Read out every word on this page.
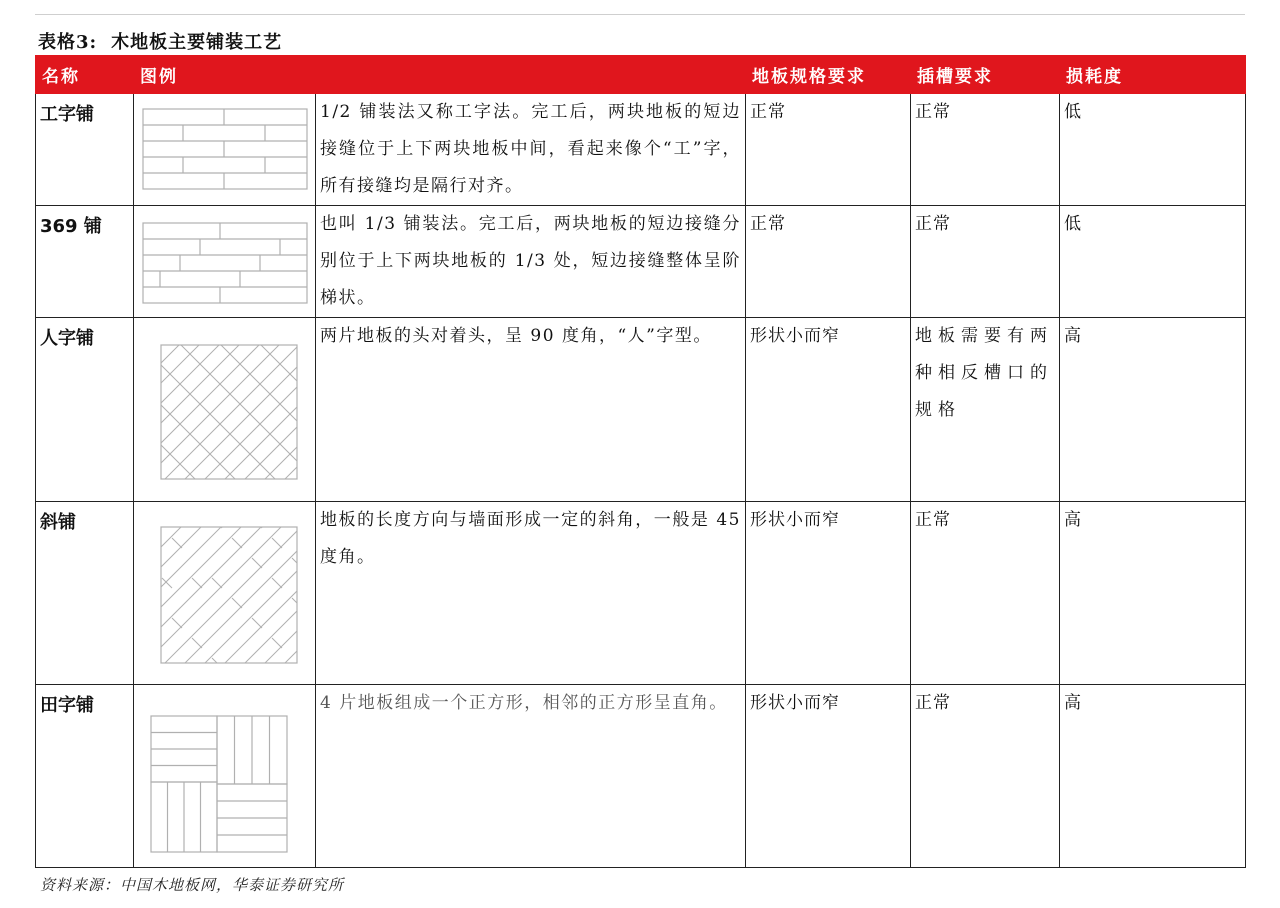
表格3: 木地板主要铺装工艺
名称	图例		地板规格要求	插槽要求	损耗度
工字铺		1/2 铺装法又称工字法。完工后，两块地板的短边接缝位于上下两块地板中间，看起来像个“工”字，所有接缝均是隔行对齐。	正常	正常	低
369 铺		也叫 1/3 铺装法。完工后，两块地板的短边接缝分别位于上下两块地板的 1/3 处，短边接缝整体呈阶梯状。	正常	正常	低
人字铺		两片地板的头对着头，呈 90 度角，“人”字型。	形状小而窄	地板需要有两种相反槽口的规格	高
斜铺		地板的长度方向与墙面形成一定的斜角，一般是 45 度角。	形状小而窄	正常	高
田字铺		4 片地板组成一个正方形，相邻的正方形呈直角。	形状小而窄	正常	高
资料来源：中国木地板网，华泰证券研究所
